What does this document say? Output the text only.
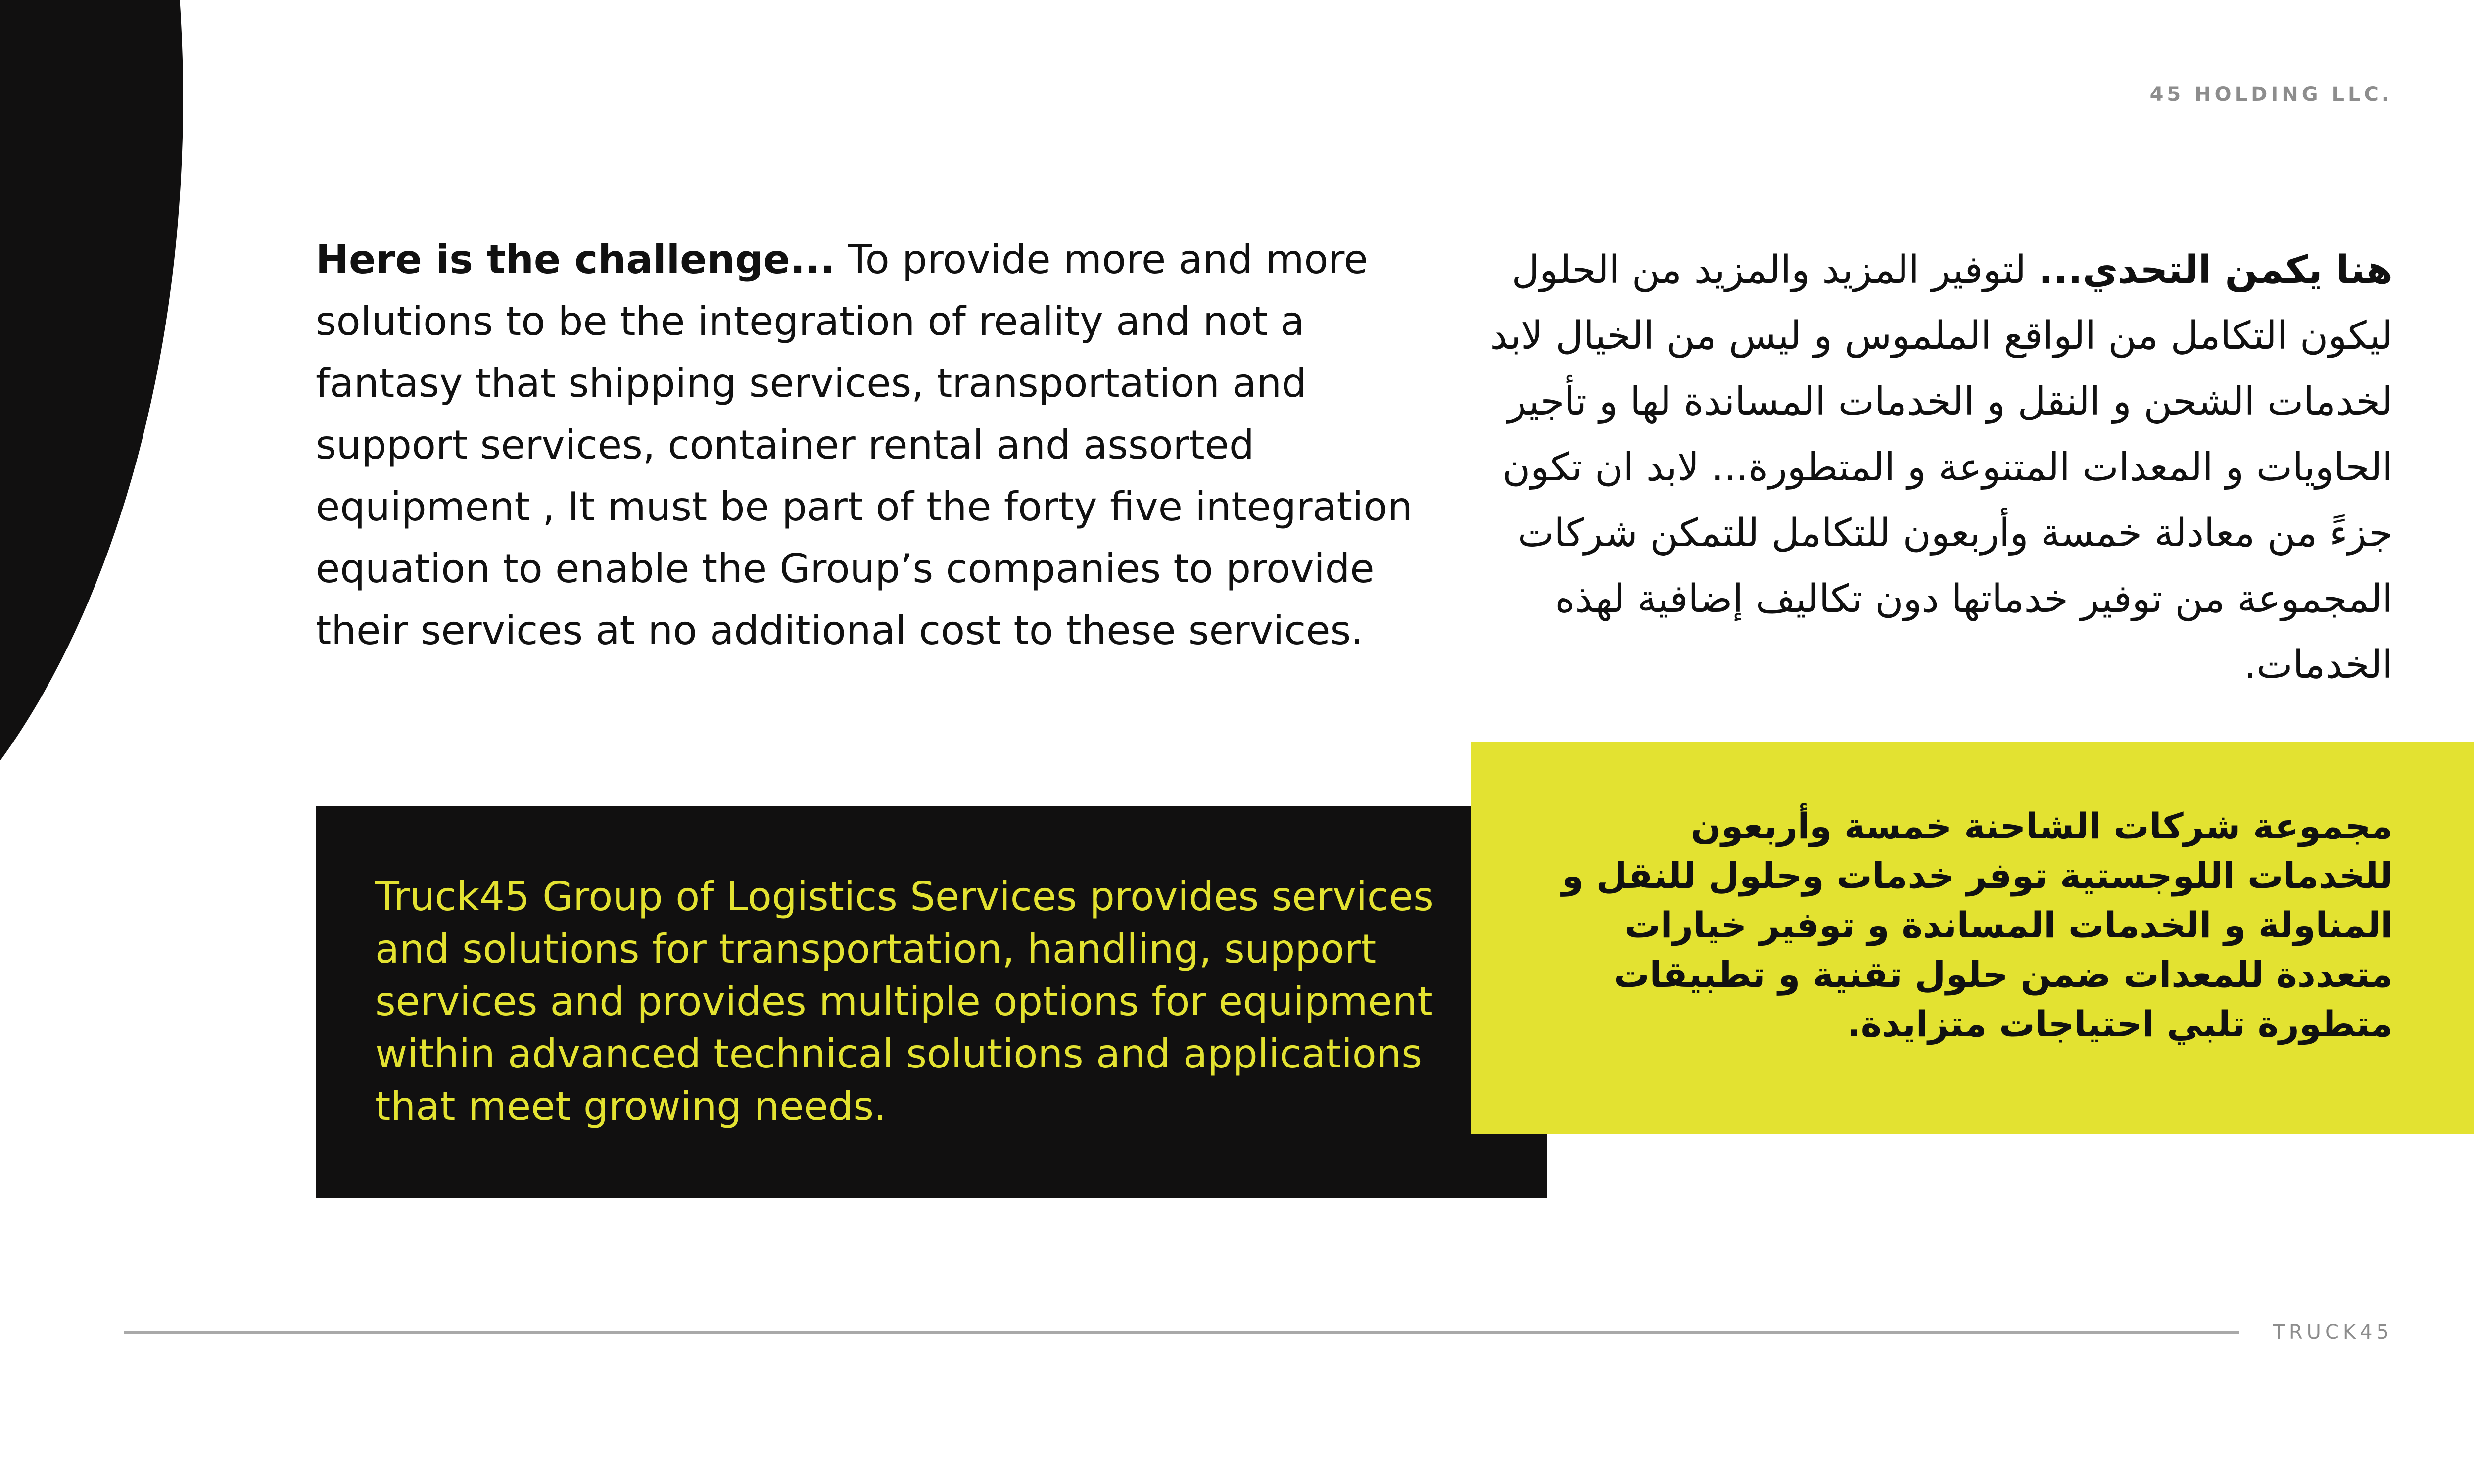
45 HOLDING LLC.
Here is the challenge... To provide more and more solutions to be the integration of reality and not a fantasy that shipping services, transportation and support services, container rental and assorted equipment , It must be part of the forty five integration equation to enable the Group’s companies to provide their services at no additional cost to these services.
هنا يكمن التحدي... لتوفير المزيد والمزيد من الحلول ليكون التكامل من الواقع الملموس و ليس من الخيال لابد لخدمات الشحن و النقل و الخدمات المساندة لها و تأجير الحاويات و المعدات المتنوعة و المتطورة... لابد ان تكون جزءً من معادلة خمسة وأربعون للتكامل للتمكن شركات المجموعة من توفير خدماتها دون تكاليف إضافية لهذه الخدمات.
Truck45 Group of Logistics Services provides services and solutions for transportation, handling, support services and provides multiple options for equipment within advanced technical solutions and applications that meet growing needs.
مجموعة شركات الشاحنة خمسة وأربعون للخدمات اللوجستية توفر خدمات وحلول للنقل و المناولة و الخدمات المساندة و توفير خيارات متعددة للمعدات ضمن حلول تقنية و تطبيقات متطورة تلبي احتياجات متزايدة.
TRUCK45
